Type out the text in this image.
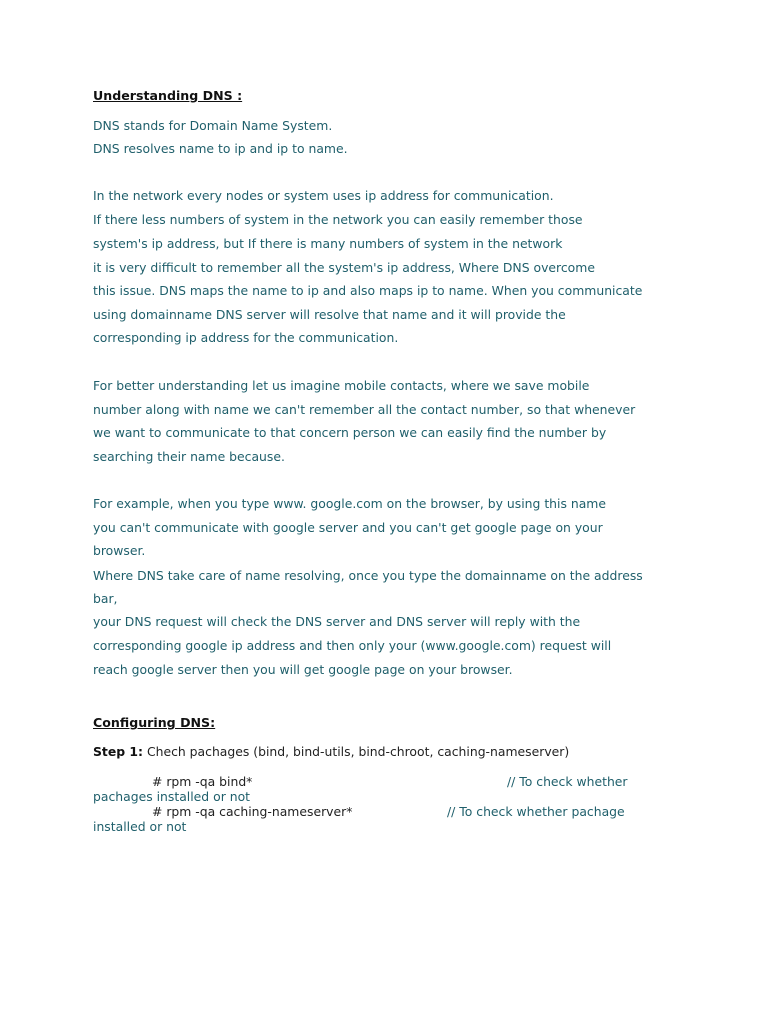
Understanding DNS :
DNS stands for Domain Name System.
DNS resolves name to ip and ip to name.
In the network every nodes or system uses ip address for communication.
If there less numbers of system in the network you can easily remember those
system's ip address, but If there is many numbers of system in the network
it is very difficult to remember all the system's ip address, Where DNS overcome
this issue. DNS maps the name to ip and also maps ip to name. When you communicate
using domainname DNS server will resolve that name and it will provide the
corresponding ip address for the communication.
For better understanding let us imagine mobile contacts, where we save mobile
number along with name we can't remember all the contact number, so that whenever
we want to communicate to that concern person we can easily find the number by
searching their name because.
For example, when you type www. google.com on the browser, by using this name
you can't communicate with google server and you can't get google page on your
browser.
Where DNS take care of name resolving, once you type the domainname on the address
bar,
your DNS request will check the DNS server and DNS server will reply with the
corresponding google ip address and then only your (www.google.com) request will
reach google server then you will get google page on your browser.
Configuring DNS:
Step 1: Chech pachages (bind, bind-utils, bind-chroot, caching-nameserver)
# rpm -qa bind*	// To check whether
pachages installed or not
# rpm -qa caching-nameserver*	// To check whether pachage
installed or not
